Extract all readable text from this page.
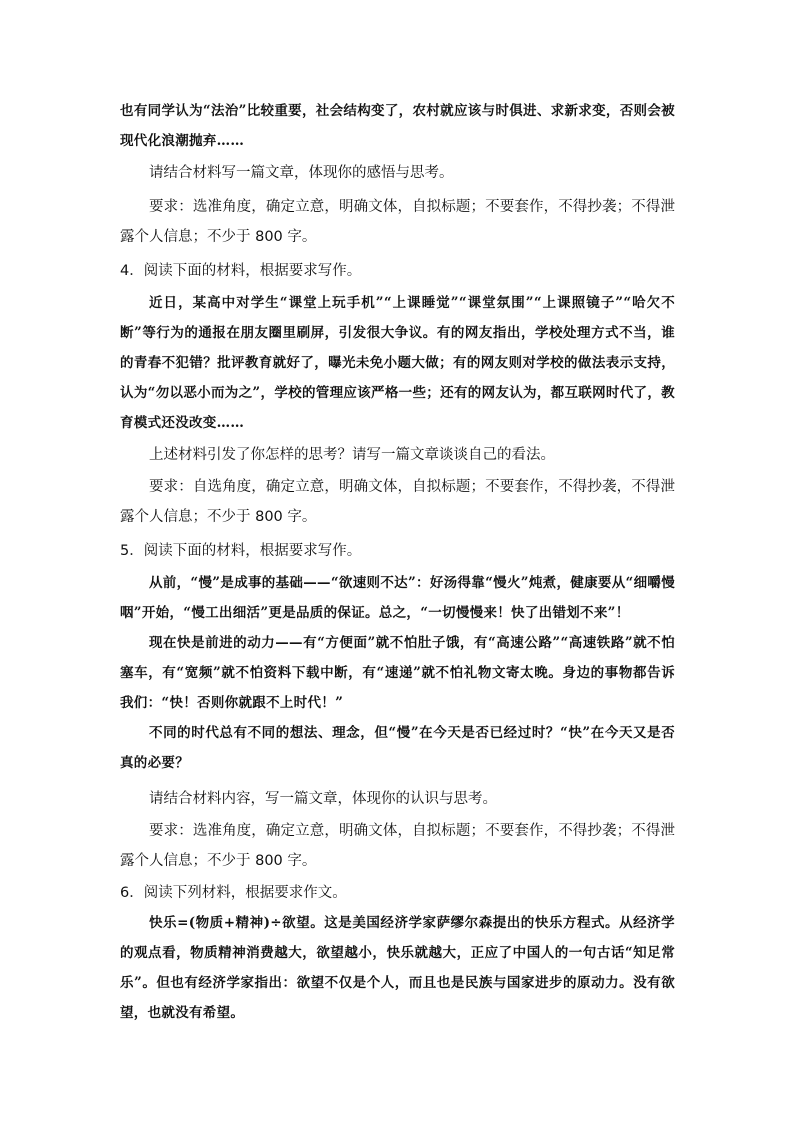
也有同学认为“法治”比较重要，社会结构变了，农村就应该与时俱进、求新求变，否则会被现代化浪潮抛弃……
请结合材料写一篇文章，体现你的感悟与思考。
要求：选准角度，确定立意，明确文体，自拟标题；不要套作，不得抄袭；不得泄露个人信息；不少于 800 字。
4．阅读下面的材料，根据要求写作。
近日，某高中对学生“课堂上玩手机”“上课睡觉”“课堂氛围”“上课照镜子”“哈欠不断”等行为的通报在朋友圈里刷屏，引发很大争议。有的网友指出，学校处理方式不当，谁的青春不犯错？批评教育就好了，曝光未免小题大做；有的网友则对学校的做法表示支持，认为“勿以恶小而为之”，学校的管理应该严格一些；还有的网友认为，都互联网时代了，教育模式还没改变……
上述材料引发了你怎样的思考？请写一篇文章谈谈自己的看法。
要求：自选角度，确定立意，明确文体，自拟标题；不要套作，不得抄袭，不得泄露个人信息；不少于 800 字。
5．阅读下面的材料，根据要求写作。
从前，“慢”是成事的基础——“欲速则不达”：好汤得靠“慢火”炖煮，健康要从“细嚼慢咽”开始，“慢工出细活”更是品质的保证。总之，“一切慢慢来！快了出错划不来”！
现在快是前进的动力——有“方便面”就不怕肚子饿，有“高速公路”“高速铁路”就不怕塞车，有“宽频”就不怕资料下载中断，有“速递”就不怕礼物文寄太晚。身边的事物都告诉我们：“快！否则你就跟不上时代！”
不同的时代总有不同的想法、理念，但“慢”在今天是否已经过时？“快”在今天又是否真的必要？
请结合材料内容，写一篇文章，体现你的认识与思考。
要求：选准角度，确定立意，明确文体，自拟标题；不要套作，不得抄袭；不得泄露个人信息；不少于 800 字。
6．阅读下列材料，根据要求作文。
快乐=(物质+精神)÷欲望。这是美国经济学家萨缪尔森提出的快乐方程式。从经济学的观点看，物质精神消费越大，欲望越小，快乐就越大，正应了中国人的一句古话“知足常乐”。但也有经济学家指出：欲望不仅是个人，而且也是民族与国家进步的原动力。没有欲望，也就没有希望。
